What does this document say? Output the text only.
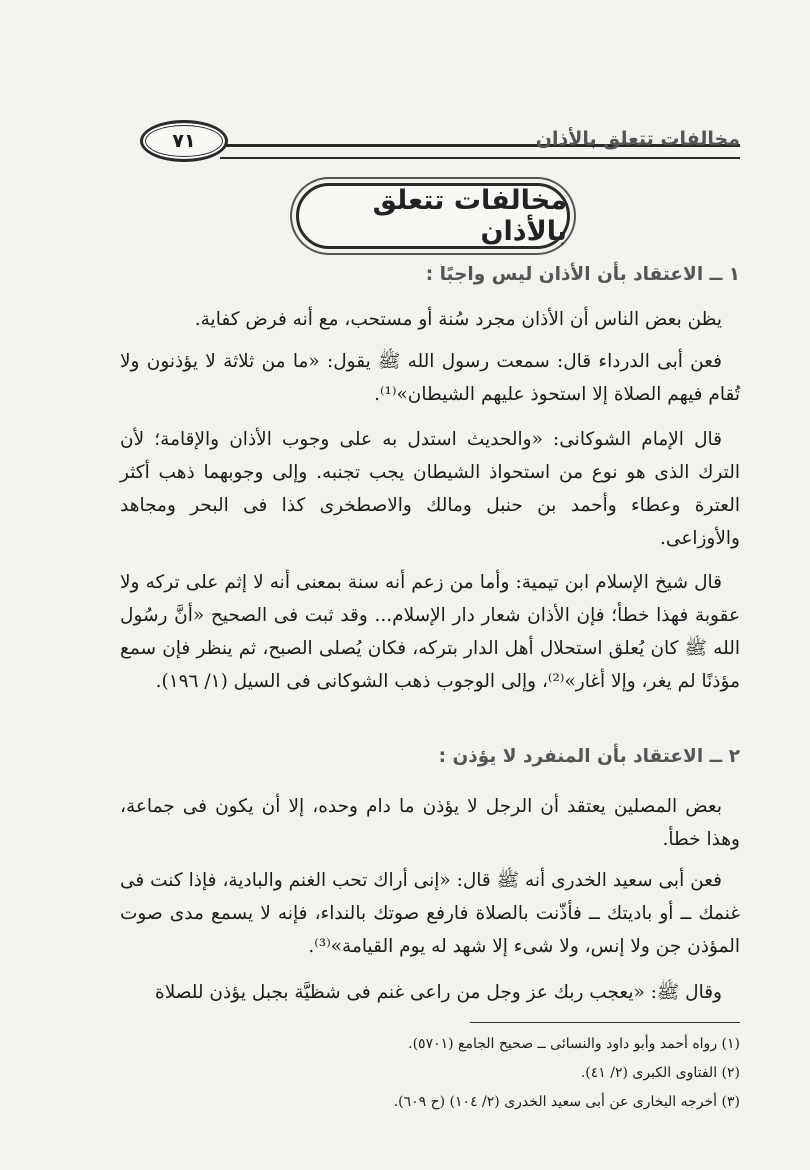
مخالفات تتعلق بالأذان
٧١
مخالفات تتعلق بالأذان
١ ــ الاعتقاد بأن الأذان ليس واجبًا :
يظن بعض الناس أن الأذان مجرد سُنة أو مستحب، مع أنه فرض كفاية.
فعن أبى الدرداء قال: سمعت رسول الله ﷺ يقول: «ما من ثلاثة لا يؤذنون ولا تُقام فيهم الصلاة إلا استحوذ عليهم الشيطان»⁽¹⁾.
قال الإمام الشوكانى: «والحديث استدل به على وجوب الأذان والإقامة؛ لأن الترك الذى هو نوع من استحواذ الشيطان يجب تجنبه. وإلى وجوبهما ذهب أكثر العترة وعطاء وأحمد بن حنبل ومالك والاصطخرى كذا فى البحر ومجاهد والأوزاعى.
قال شيخ الإسلام ابن تيمية: وأما من زعم أنه سنة بمعنى أنه لا إثم على تركه ولا عقوبة فهذا خطأ؛ فإن الأذان شعار دار الإسلام... وقد ثبت فى الصحيح «أنَّ رسُول الله ﷺ كان يُعلق استحلال أهل الدار بتركه، فكان يُصلى الصبح، ثم ينظر فإن سمع مؤذنًا لم يغر، وإلا أغار»⁽²⁾، وإلى الوجوب ذهب الشوكانى فى السيل (١/ ١٩٦).
٢ ــ الاعتقاد بأن المنفرد لا يؤذن :
بعض المصلين يعتقد أن الرجل لا يؤذن ما دام وحده، إلا أن يكون فى جماعة، وهذا خطأ.
فعن أبى سعيد الخدرى أنه ﷺ قال: «إنى أراك تحب الغنم والبادية، فإذا كنت فى غنمك ــ أو باديتك ــ فأذّنت بالصلاة فارفع صوتك بالنداء، فإنه لا يسمع مدى صوت المؤذن جن ولا إنس، ولا شىء إلا شهد له يوم القيامة»⁽³⁾.
وقال ﷺ: «يعجب ربك عز وجل من راعى غنم فى شظيَّة بجبل يؤذن للصلاة
(١) رواه أحمد وأبو داود والنسائى ــ صحيح الجامع (٥٧٠١).
(٢) الفتاوى الكبرى (٢/ ٤١).
(٣) أخرجه البخارى عن أبى سعيد الخدرى (٢/ ١٠٤) (ح ٦٠٩).
